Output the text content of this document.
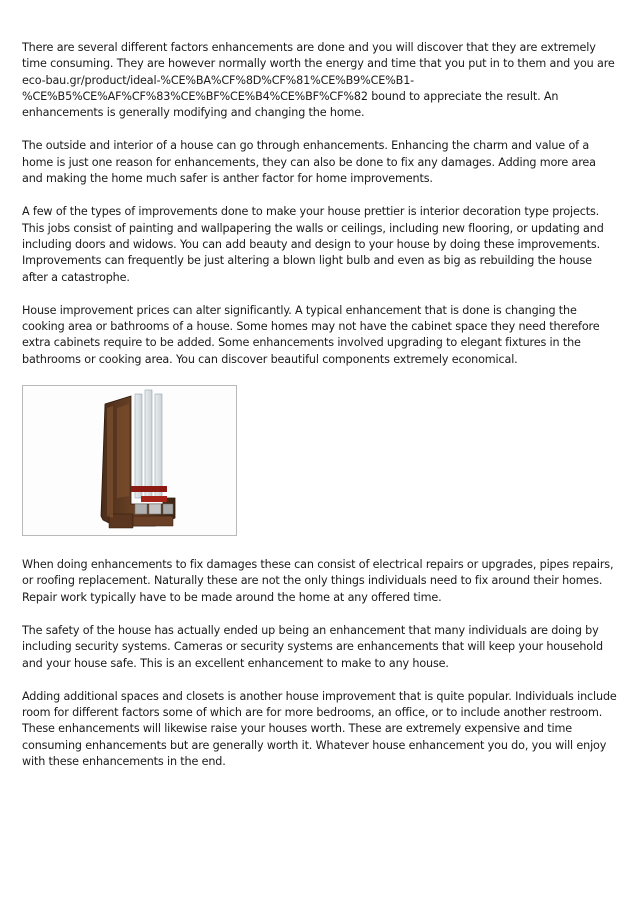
There are several different factors enhancements are done and you will discover that they are extremely time consuming. They are however normally worth the energy and time that you put in to them and you are eco-bau.gr/product/ideal-%CE%BA%CF%8D%CF%81%CE%B9%CE%B1-%CE%B5%CE%AF%CF%83%CE%BF%CE%B4%CE%BF%CF%82 bound to appreciate the result. An enhancements is generally modifying and changing the home.

The outside and interior of a house can go through enhancements. Enhancing the charm and value of a home is just one reason for enhancements, they can also be done to fix any damages. Adding more area and making the home much safer is anther factor for home improvements.

A few of the types of improvements done to make your house prettier is interior decoration type projects. This jobs consist of painting and wallpapering the walls or ceilings, including new flooring, or updating and including doors and widows. You can add beauty and design to your house by doing these improvements. Improvements can frequently be just altering a blown light bulb and even as big as rebuilding the house after a catastrophe.

House improvement prices can alter significantly. A typical enhancement that is done is changing the cooking area or bathrooms of a house. Some homes may not have the cabinet space they need therefore extra cabinets require to be added. Some enhancements involved upgrading to elegant fixtures in the bathrooms or cooking area. You can discover beautiful components extremely economical.

When doing enhancements to fix damages these can consist of electrical repairs or upgrades, pipes repairs, or roofing replacement. Naturally these are not the only things individuals need to fix around their homes. Repair work typically have to be made around the home at any offered time.

The safety of the house has actually ended up being an enhancement that many individuals are doing by including security systems. Cameras or security systems are enhancements that will keep your household and your house safe. This is an excellent enhancement to make to any house.

Adding additional spaces and closets is another house improvement that is quite popular. Individuals include room for different factors some of which are for more bedrooms, an office, or to include another restroom. These enhancements will likewise raise your houses worth. These are extremely expensive and time consuming enhancements but are generally worth it. Whatever house enhancement you do, you will enjoy with these enhancements in the end.
